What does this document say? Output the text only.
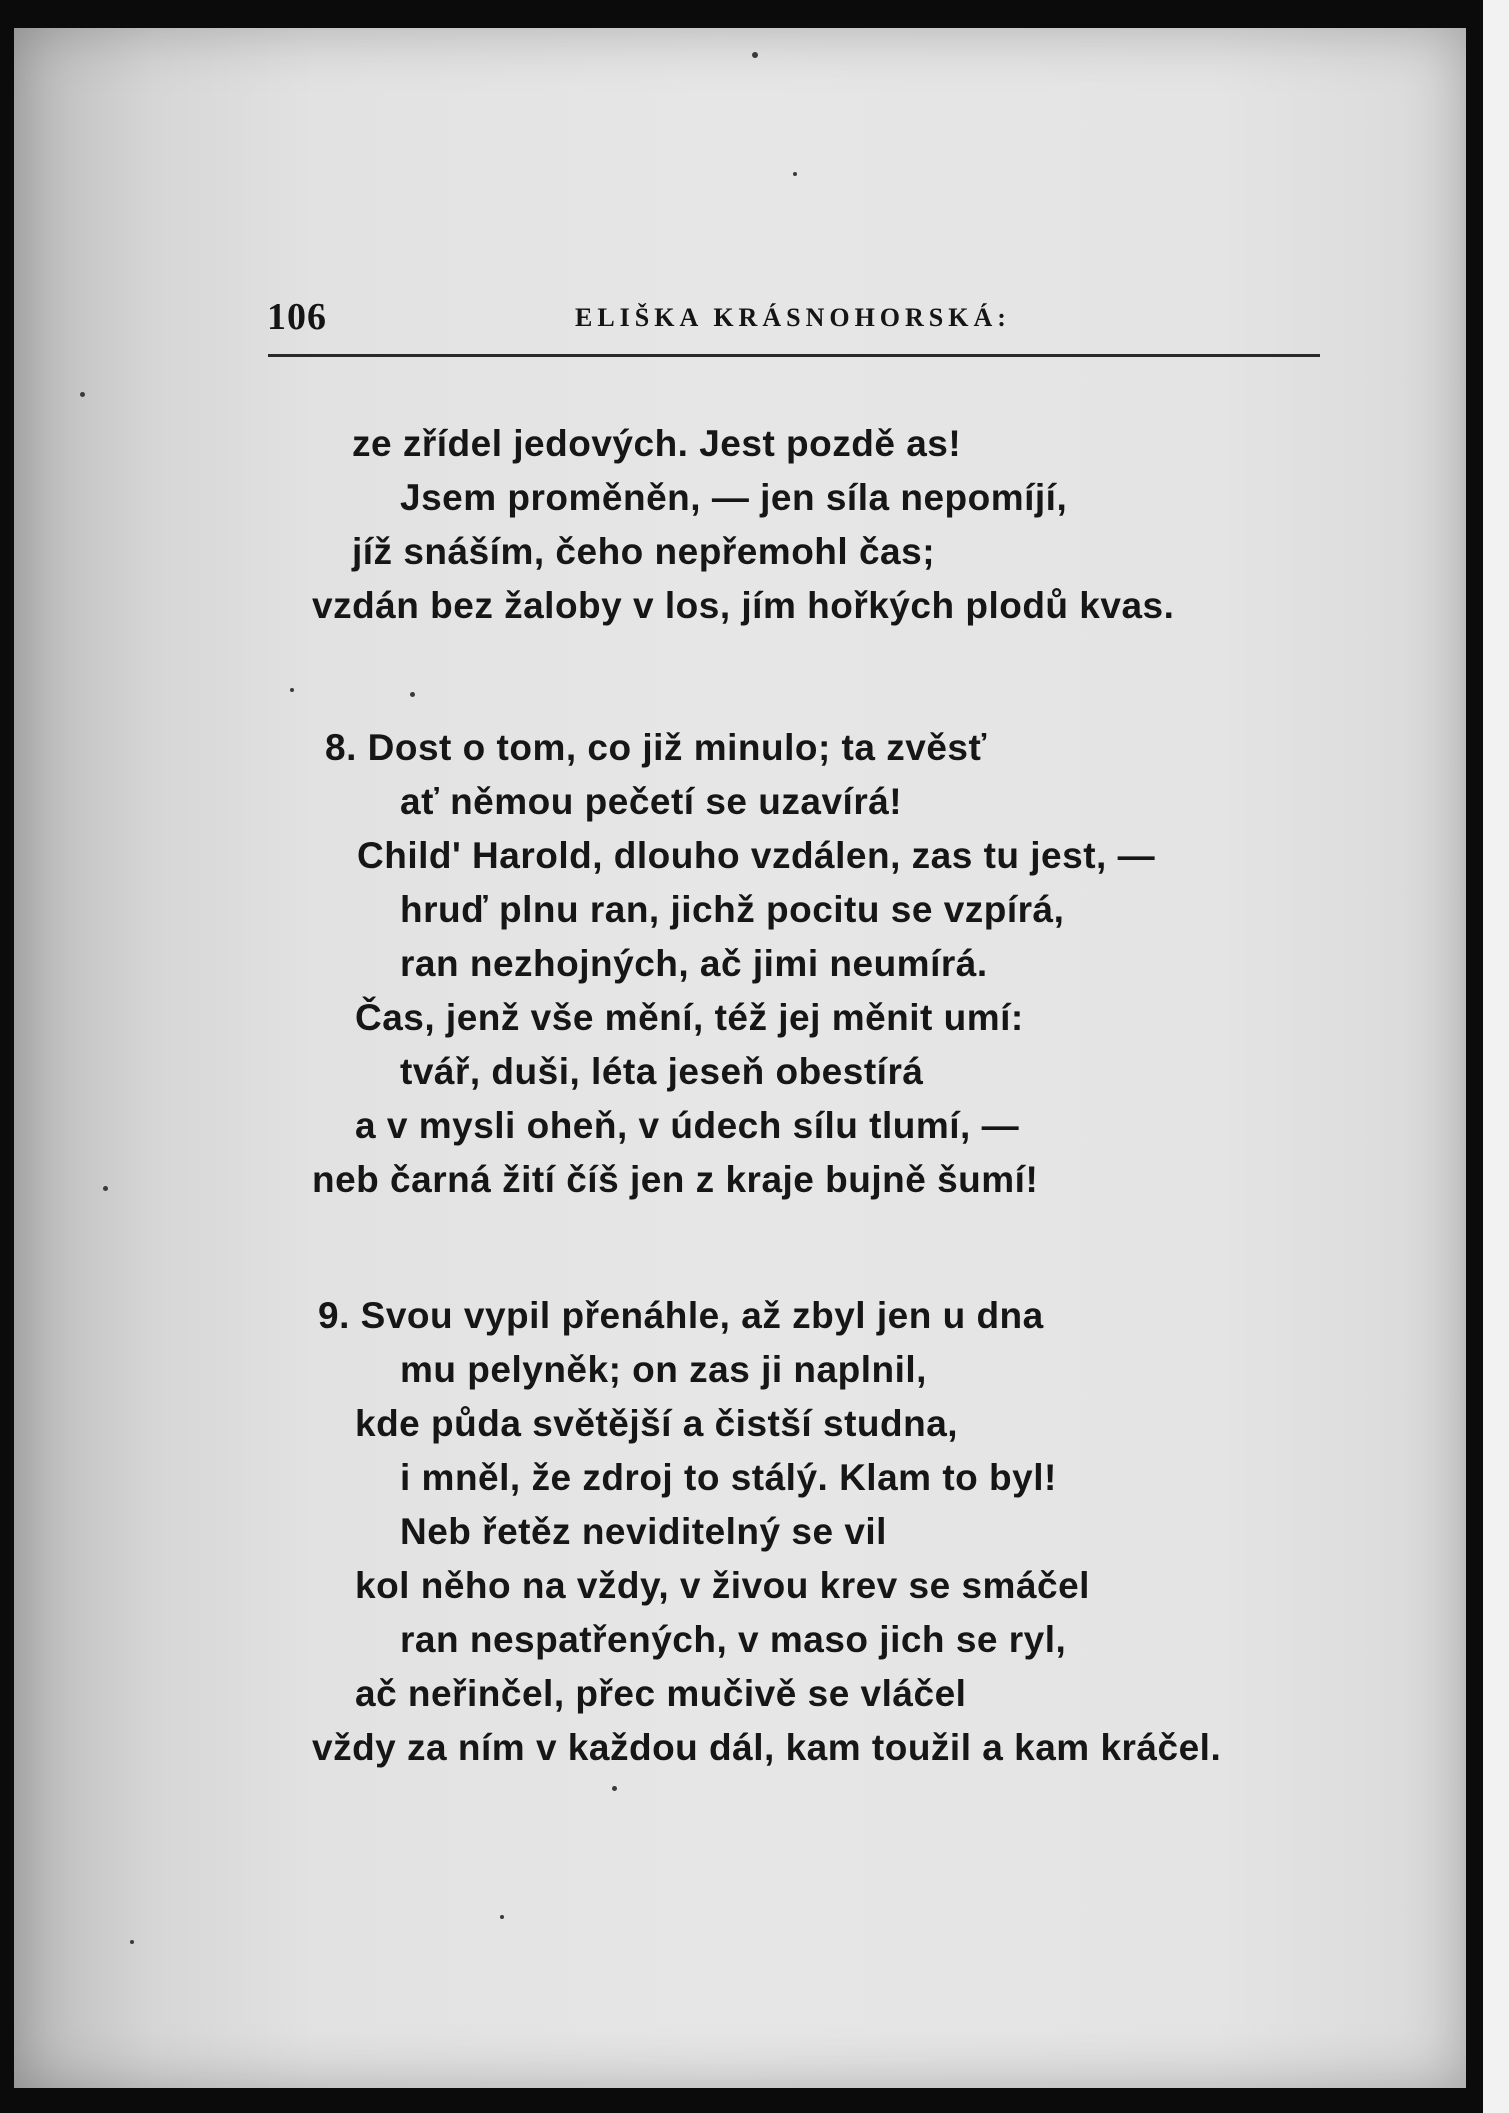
106	ELIŠKA KRÁSNOHORSKÁ:
ze zřídel jedových. Jest pozdě as!
Jsem proměněn, — jen síla nepomíjí,
jíž snáším, čeho nepřemohl čas;
vzdán bez žaloby v los, jím hořkých plodů kvas.
8. Dost o tom, co již minulo; ta zvěsť
ať němou pečetí se uzavírá!
Child' Harold, dlouho vzdálen, zas tu jest, —
hruď plnu ran, jichž pocitu se vzpírá,
ran nezhojných, ač jimi neumírá.
Čas, jenž vše mění, též jej měnit umí:
tvář, duši, léta jeseň obestírá
a v mysli oheň, v údech sílu tlumí, —
neb čarná žití číš jen z kraje bujně šumí!
9. Svou vypil přenáhle, až zbyl jen u dna
mu pelyněk; on zas ji naplnil,
kde půda světější a čistší studna,
i mněl, že zdroj to stálý. Klam to byl!
Neb řetěz neviditelný se vil
kol něho na vždy, v živou krev se smáčel
ran nespatřených, v maso jich se ryl,
ač neřinčel, přec mučivě se vláčel
vždy za ním v každou dál, kam toužil a kam kráčel.
